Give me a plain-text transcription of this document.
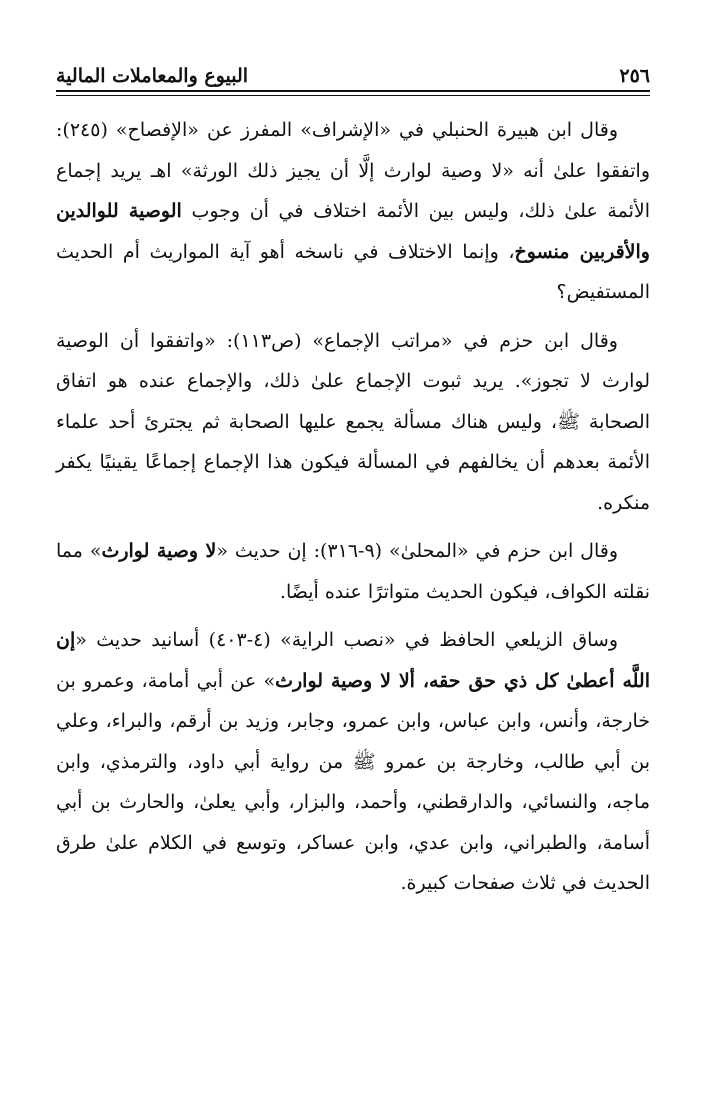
٢٥٦
البيوع والمعاملات المالية

وقال ابن هبيرة الحنبلي في «الإشراف» المفرز عن «الإفصاح» (٢٤٥): واتفقوا علىٰ أنه «لا وصية لوارث إلَّا أن يجيز ذلك الورثة» اهـ يريد إجماع الأئمة علىٰ ذلك، وليس بين الأئمة اختلاف في أن وجوب الوصية للوالدين والأقربين منسوخ، وإنما الاختلاف في ناسخه أهو آية المواريث أم الحديث المستفيض؟

وقال ابن حزم في «مراتب الإجماع» (ص١١٣): «واتفقوا أن الوصية لوارث لا تجوز». يريد ثبوت الإجماع علىٰ ذلك، والإجماع عنده هو اتفاق الصحابة ﷺ، وليس هناك مسألة يجمع عليها الصحابة ثم يجترئ أحد علماء الأئمة بعدهم أن يخالفهم في المسألة فيكون هذا الإجماع إجماعًا يقينيًا يكفر منكره.

وقال ابن حزم في «المحلىٰ» (٩-٣١٦): إن حديث «لا وصية لوارث» مما نقلته الكواف، فيكون الحديث متواترًا عنده أيضًا.

وساق الزيلعي الحافظ في «نصب الراية» (٤-٤٠٣) أسانيد حديث «إن اللَّه أعطىٰ كل ذي حق حقه، ألا لا وصية لوارث» عن أبي أمامة، وعمرو بن خارجة، وأنس، وابن عباس، وابن عمرو، وجابر، وزيد بن أرقم، والبراء، وعلي بن أبي طالب، وخارجة بن عمرو ﷺ من رواية أبي داود، والترمذي، وابن ماجه، والنسائي، والدارقطني، وأحمد، والبزار، وأبي يعلىٰ، والحارث بن أبي أسامة، والطبراني، وابن عدي، وابن عساكر، وتوسع في الكلام علىٰ طرق الحديث في ثلاث صفحات كبيرة.
